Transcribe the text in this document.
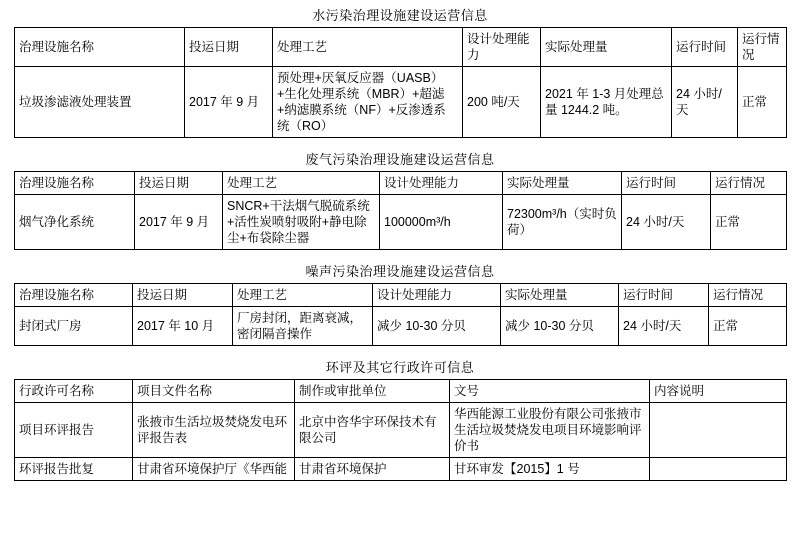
水污染治理设施建设运营信息
治理设施名称	投运日期	处理工艺	设计处理能力	实际处理量	运行时间	运行情况
垃圾渗滤液处理装置	2017 年 9 月	预处理+厌氧反应器（UASB）+生化处理系统（MBR）+超滤+纳滤膜系统（NF）+反渗透系统（RO）	200 吨/天	2021 年 1-3 月处理总量 1244.2 吨。	24 小时/天	正常
废气污染治理设施建设运营信息
治理设施名称	投运日期	处理工艺	设计处理能力	实际处理量	运行时间	运行情况
烟气净化系统	2017 年 9 月	SNCR+干法烟气脱硫系统+活性炭喷射吸附+静电除尘+布袋除尘器	100000m³/h	72300m³/h（实时负荷）	24 小时/天	正常
噪声污染治理设施建设运营信息
治理设施名称	投运日期	处理工艺	设计处理能力	实际处理量	运行时间	运行情况
封闭式厂房	2017 年 10 月	厂房封闭，距离衰减，密闭隔音操作	减少 10-30 分贝	减少 10-30 分贝	24 小时/天	正常
环评及其它行政许可信息
行政许可名称	项目文件名称	制作或审批单位	文号	内容说明
项目环评报告	张掖市生活垃圾焚烧发电环评报告表	北京中咨华宇环保技术有限公司	华西能源工业股份有限公司张掖市生活垃圾焚烧发电项目环境影响评价书	
环评报告批复	甘肃省环境保护厅《华西能	甘肃省环境保护	甘环审发【2015】1 号	
